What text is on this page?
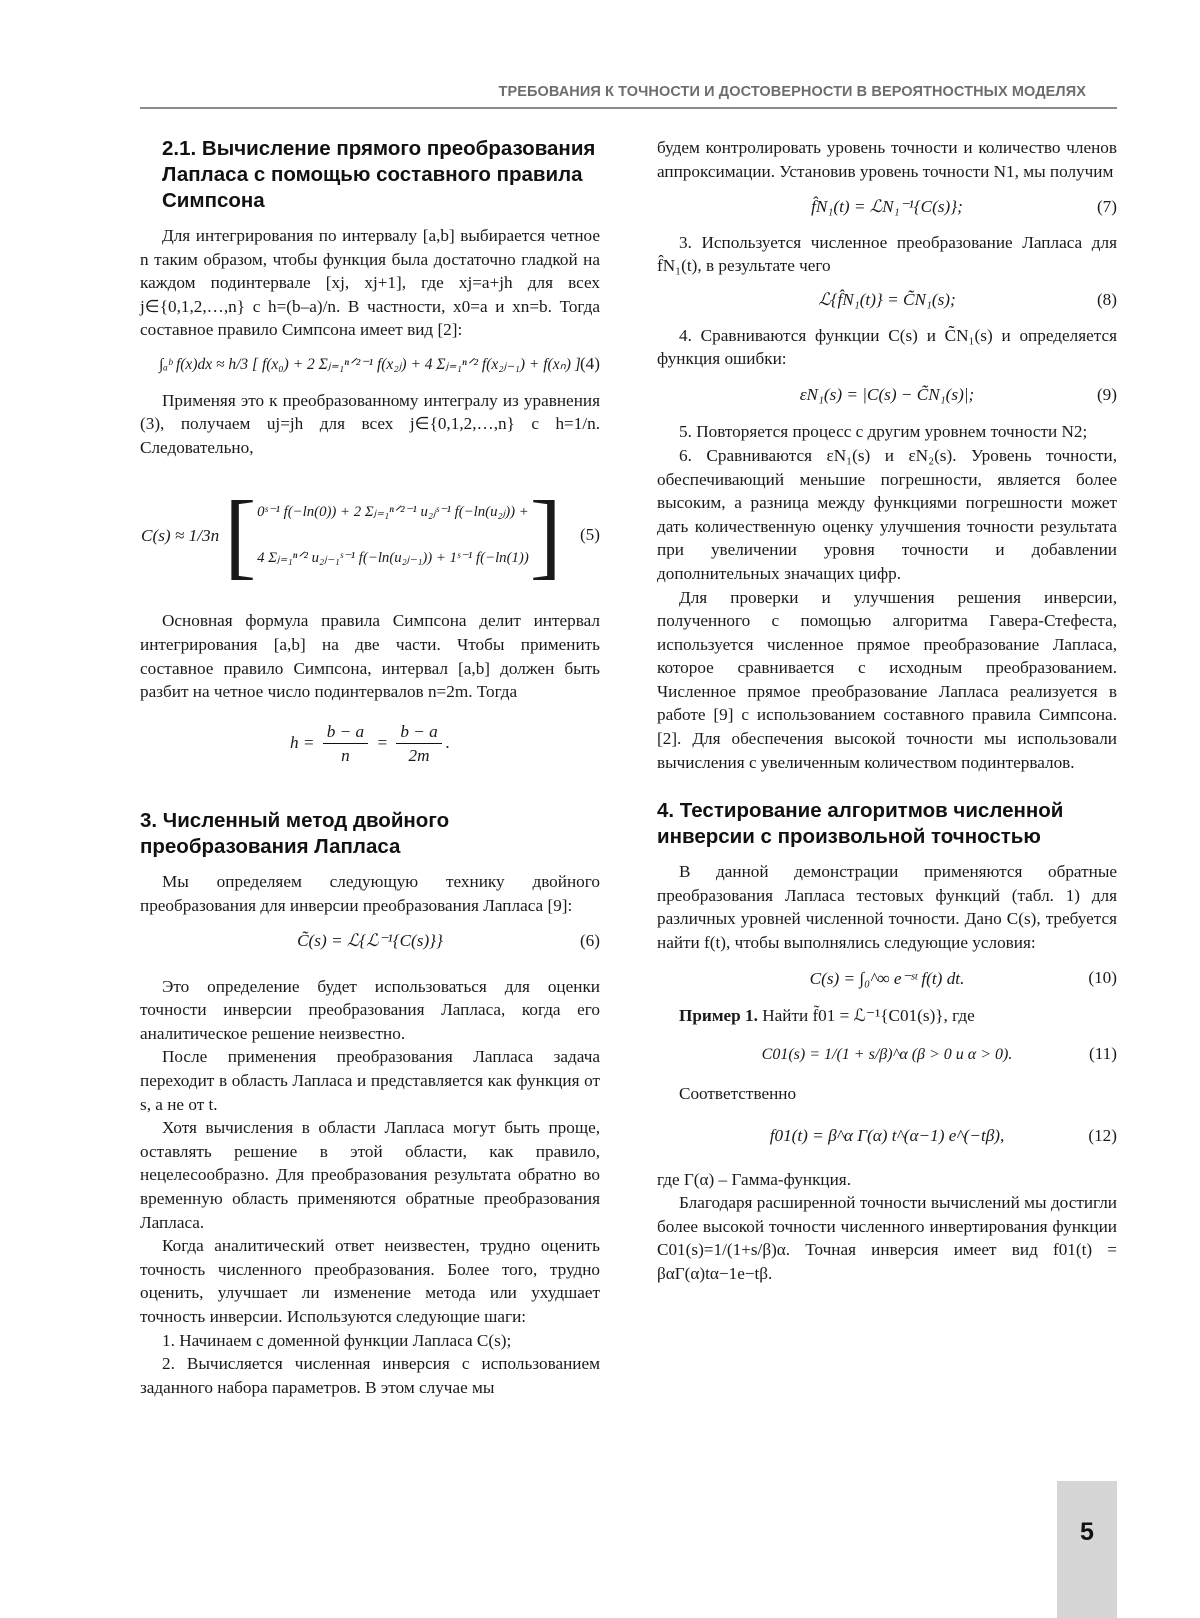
ТРЕБОВАНИЯ К ТОЧНОСТИ И ДОСТОВЕРНОСТИ В ВЕРОЯТНОСТНЫХ МОДЕЛЯХ
2.1. Вычисление прямого преобразования Лапласа с помощью составного правила Симпсона

Для интегрирования по интервалу [a,b] выбирается четное n таким образом, чтобы функция была достаточно гладкой на каждом подинтервале [xj, xj+1], где xj=a+jh для всех j∈{0,1,2,…,n} с h=(b–a)/n. В частности, x0=a и xn=b. Тогда составное правило Симпсона имеет вид [2]:

∫ₐᵇ f(x)dx ≈ h/3 [ f(x₀) + 2 Σⱼ₌₁ⁿᐟ²⁻¹ f(x₂ⱼ) + 4 Σⱼ₌₁ⁿᐟ² f(x₂ⱼ₋₁) + f(xₙ) ] (4)

Применяя это к преобразованному интегралу из уравнения (3), получаем uj=jh для всех j∈{0,1,2,…,n} с h=1/n. Следовательно,

C(s) ≈ 1/3n	[	0ˢ⁻¹ f(−ln(0)) + 2 Σⱼ₌₁ⁿᐟ²⁻¹ u₂ⱼˢ⁻¹ f(−ln(u₂ⱼ)) +	]
4 Σⱼ₌₁ⁿᐟ² u₂ⱼ₋₁ˢ⁻¹ f(−ln(u₂ⱼ₋₁)) + 1ˢ⁻¹ f(−ln(1))
(5)

Основная формула правила Симпсона делит интервал интегрирования [a,b] на две части. Чтобы применить составное правило Симпсона, интервал [a,b] должен быть разбит на четное число подинтервалов n=2m. Тогда

h =
b − a
n
=
b − a
2m
.
3. Численный метод двойного преобразования Лапласа

Мы определяем следующую технику двойного преобразования для инверсии преобразования Лапласа [9]:

C̃̃(s) = ℒ{ℒ⁻¹{C(s)}}	(6)

Это определение будет использоваться для оценки точности инверсии преобразования Лапласа, когда его аналитическое решение неизвестно.

После применения преобразования Лапласа задача переходит в область Лапласа и представляется как функция от s, а не от t.

Хотя вычисления в области Лапласа могут быть проще, оставлять решение в этой области, как правило, нецелесообразно. Для преобразования результата обратно во временную область применяются обратные преобразования Лапласа.

Когда аналитический ответ неизвестен, трудно оценить точность численного преобразования. Более того, трудно оценить, улучшает ли изменение метода или ухудшает точность инверсии. Используются следующие шаги:

1. Начинаем с доменной функции Лапласа C(s);

2. Вычисляется численная инверсия с использованием заданного набора параметров. В этом случае мы

будем контролировать уровень точности и количество членов аппроксимации. Установив уровень точности N1, мы получим

f̂N₁(t) = ℒN₁⁻¹{C(s)};	(7)

3. Используется численное преобразование Лапласа для f̂N₁(t), в результате чего

ℒ{f̂N₁(t)} = C̃̃N₁(s);	(8)

4. Сравниваются функции C(s) и C̃̃N₁(s) и определяется функция ошибки:

εN₁(s) = |C(s) − C̃̃N₁(s)|;	(9)

5. Повторяется процесс с другим уровнем точности N2;

6. Сравниваются εN₁(s) и εN₂(s). Уровень точности, обеспечивающий меньшие погрешности, является более высоким, а разница между функциями погрешности может дать количественную оценку улучшения точности результата при увеличении уровня точности и добавлении дополнительных значащих цифр.

Для проверки и улучшения решения инверсии, полученного с помощью алгоритма Гавера-Стефеста, используется численное прямое преобразование Лапласа, которое сравнивается с исходным преобразованием. Численное прямое преобразование Лапласа реализуется в работе [9] с использованием составного правила Симпсона. [2]. Для обеспечения высокой точности мы использовали вычисления с увеличенным количеством подинтервалов.

4. Тестирование алгоритмов численной инверсии с произвольной точностью

В данной демонстрации применяются обратные преобразования Лапласа тестовых функций (табл. 1) для различных уровней численной точности. Дано C(s), требуется найти f(t), чтобы выполнялись следующие условия:

C(s) = ∫₀^∞ e⁻ˢᵗ f(t) dt.	(10)

Пример 1. Найти f̃01 = ℒ⁻¹{C01(s)}, где

C01(s) = 1/(1 + s/β)^α (β > 0 и α > 0).	(11)

Соответственно

f01(t) = β^α Γ(α) t^(α−1) e^(−tβ),	(12)

где Γ(α) – Гамма-функция.

Благодаря расширенной точности вычислений мы достигли более высокой точности численного инвертирования функции C01(s)=1/(1+s/β)α. Точная инверсия имеет вид f01(t) = βαΓ(α)tα−1e−tβ.

5
